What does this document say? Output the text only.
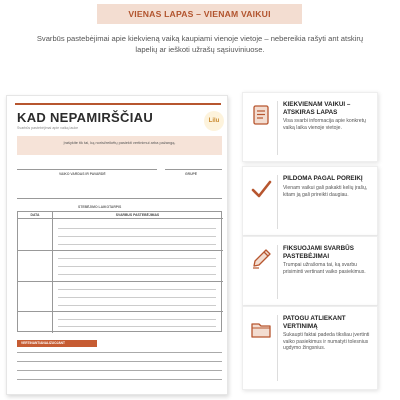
VIENAS LAPAS – VIENAM VAIKUI

Svarbūs pastebėjimai apie kiekvieną vaiką kaupiami vienoje vietoje – nebereikia rašyti ant atskirų lapelių ar ieškoti užrašų sąsiuviniuose.

KAD NEPAMIRŠČIAU
Svarbūs pastebėjimai apie vaiką lauke
Lilu
Įrašykite tik tai, ką norisi/reikėtų pasiekti vertinimui arba pažangą.
VAIKO VARDAS IR PAVARDĖ	GRUPĖ
STEBĖJIMO LAIKOTARPIS
DATA	SVARBUS PASTEBĖJIMAS
VERTINANT/ANALIZUOJANT
KIEKVIENAM VAIKUI – ATSKIRAS LAPAS
Visa svarbi informacija apie konkretų vaiką laika vienoje vietoje.
PILDOMA PAGAL POREIKĮ
Vienam vaikui gali pakakti kelių įrašų, kitam ją gali prireikti daugiau.
FIKSUOJAMI SVARBŪS PASTEBĖJIMAI
Trumpai užrašoma tai, ką svarbu prisiminti vertinant vaiko pasiekimus.
PATOGU ATLIEKANT VERTINIMĄ
Sukaupti faktai padeda tiksliau įvertinti vaiko pasiekimus ir numatyti tolesnius ugdymo žingsnius.
